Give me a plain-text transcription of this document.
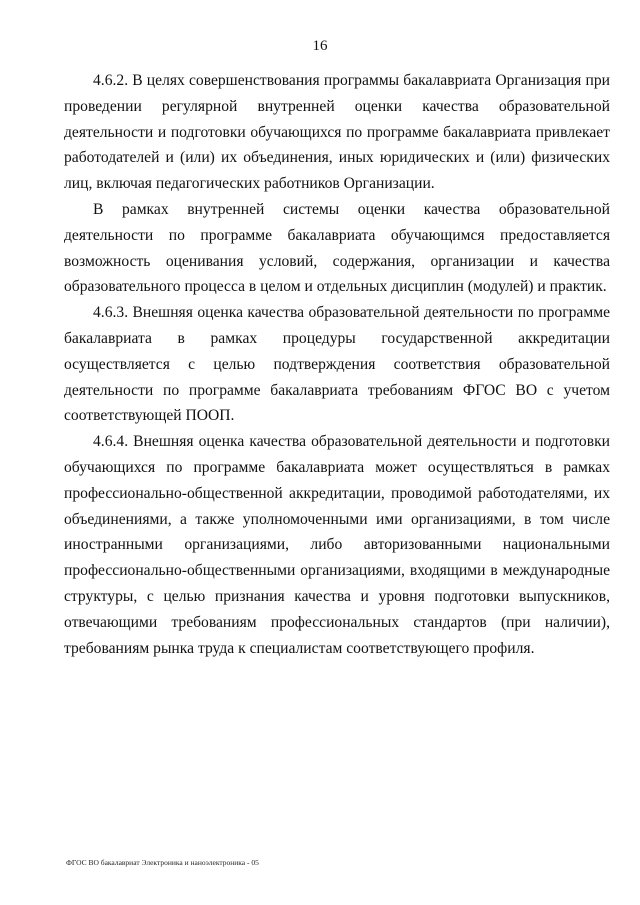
16

4.6.2. В целях совершенствования программы бакалавриата Организация при проведении регулярной внутренней оценки качества образовательной деятельности и подготовки обучающихся по программе бакалавриата привлекает работодателей и (или) их объединения, иных юридических и (или) физических лиц, включая педагогических работников Организации.

В рамках внутренней системы оценки качества образовательной деятельности по программе бакалавриата обучающимся предоставляется возможность оценивания условий, содержания, организации и качества образовательного процесса в целом и отдельных дисциплин (модулей) и практик.

4.6.3. Внешняя оценка качества образовательной деятельности по программе бакалавриата в рамках процедуры государственной аккредитации осуществляется с целью подтверждения соответствия образовательной деятельности по программе бакалавриата требованиям ФГОС ВО с учетом соответствующей ПООП.

4.6.4. Внешняя оценка качества образовательной деятельности и подготовки обучающихся по программе бакалавриата может осуществляться в рамках профессионально-общественной аккредитации, проводимой работодателями, их объединениями, а также уполномоченными ими организациями, в том числе иностранными организациями, либо авторизованными национальными профессионально-общественными организациями, входящими в международные структуры, с целью признания качества и уровня подготовки выпускников, отвечающими требованиям профессиональных стандартов (при наличии), требованиям рынка труда к специалистам соответствующего профиля.

ФГОС ВО бакалавриат Электроника и наноэлектроника - 05
